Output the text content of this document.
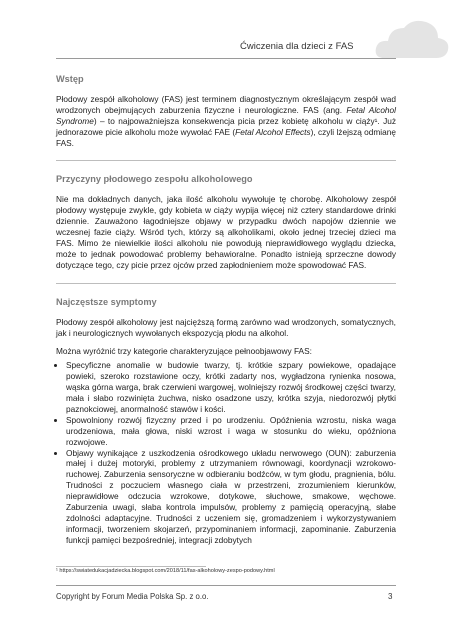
Ćwiczenia dla dzieci z FAS
Wstęp

Płodowy zespół alkoholowy (FAS) jest terminem diagnostycznym określającym zespół wad wrodzonych obejmujących zaburzenia fizyczne i neurologiczne. FAS (ang. Fetal Alcohol Syndrome) – to najpoważniejsza konsekwencja picia przez kobietę alkoholu w ciąży¹. Już jednorazowe picie alkoholu może wywołać FAE (Fetal Alcohol Effects), czyli lżejszą odmianę FAS.

Przyczyny płodowego zespołu alkoholowego

Nie ma dokładnych danych, jaka ilość alkoholu wywołuje tę chorobę. Alkoholowy zespół płodowy występuje zwykle, gdy kobieta w ciąży wypija więcej niż cztery standardowe drinki dziennie. Zauważono łagodniejsze objawy w przypadku dwóch napojów dziennie we wczesnej fazie ciąży. Wśród tych, którzy są alkoholikami, około jednej trzeciej dzieci ma FAS. Mimo że niewielkie ilości alkoholu nie powodują nieprawidłowego wyglądu dziecka, może to jednak powodować problemy behawioralne. Ponadto istnieją sprzeczne dowody dotyczące tego, czy picie przez ojców przed zapłodnieniem może spowodować FAS.

Najczęstsze symptomy

Płodowy zespół alkoholowy jest najcięższą formą zarówno wad wrodzonych, somatycznych, jak i neurologicznych wywołanych ekspozycją płodu na alkohol.

Można wyróżnić trzy kategorie charakteryzujące pełnoobjawowy FAS:

• Specyficzne anomalie w budowie twarzy, tj. krótkie szpary powiekowe, opadające powieki, szeroko rozstawione oczy, krótki zadarty nos, wygładzona rynienka nosowa, wąska górna warga, brak czerwieni wargowej, wolniejszy rozwój środkowej części twarzy, mała i słabo rozwinięta żuchwa, nisko osadzone uszy, krótka szyja, niedorozwój płytki paznokciowej, anormalność stawów i kości.
• Spowolniony rozwój fizyczny przed i po urodzeniu. Opóźnienia wzrostu, niska waga urodzeniowa, mała głowa, niski wzrost i waga w stosunku do wieku, opóźniona rozwojowe.
• Objawy wynikające z uszkodzenia ośrodkowego układu nerwowego (OUN): zaburzenia małej i dużej motoryki, problemy z utrzymaniem równowagi, koordynacji wzrokowo-ruchowej. Zaburzenia sensoryczne w odbieraniu bodźców, w tym głodu, pragnienia, bólu. Trudności z poczuciem własnego ciała w przestrzeni, zrozumieniem kierunków, nieprawidłowe odczucia wzrokowe, dotykowe, słuchowe, smakowe, węchowe. Zaburzenia uwagi, słaba kontrola impulsów, problemy z pamięcią operacyjną, słabe zdolności adaptacyjne. Trudności z uczeniem się, gromadzeniem i wykorzystywaniem informacji, tworzeniem skojarzeń, przypominaniem informacji, zapominanie. Zaburzenia funkcji pamięci bezpośredniej, integracji zdobytych
¹ https://swiatedukacjadziecka.blogspot.com/2018/11/fas-alkoholowy-zespo-podowy.html
Copyright by Forum Media Polska Sp. z o.o.	3
